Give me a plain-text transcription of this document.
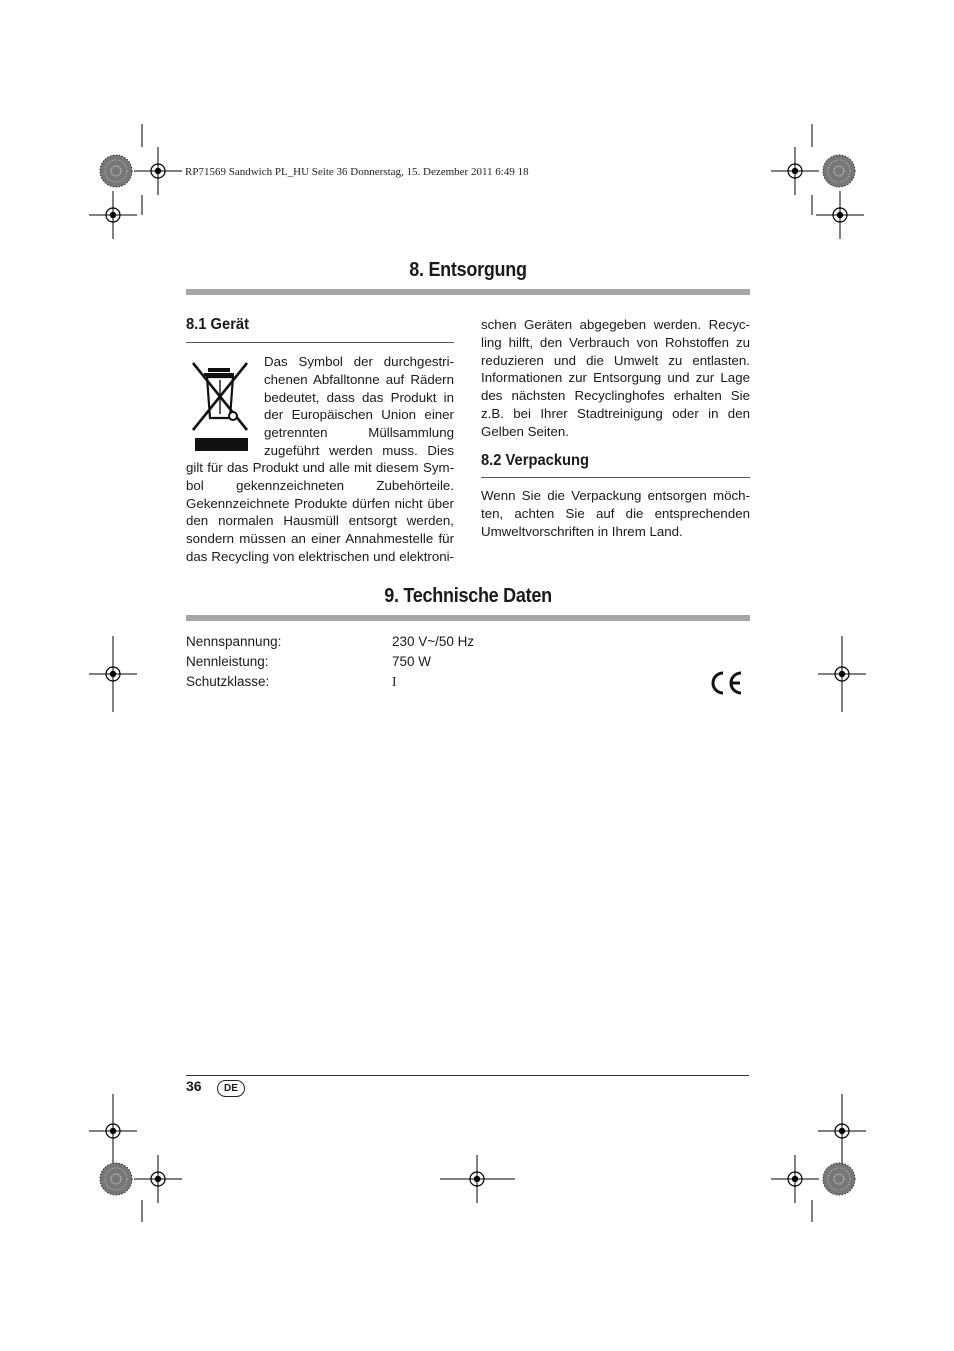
RP71569 Sandwich PL_HU Seite 36 Donnerstag, 15. Dezember 2011 6:49 18
8. Entsorgung
8.1 Gerät
Das Symbol der durchgestri-
chenen Abfalltonne auf Rädern
bedeutet, dass das Produkt in
der Europäischen Union einer
getrennten Müllsammlung
zugeführt werden muss. Dies
gilt für das Produkt und alle mit diesem Sym-
bol gekennzeichneten Zubehörteile.
Gekennzeichnete Produkte dürfen nicht über
den normalen Hausmüll entsorgt werden,
sondern müssen an einer Annahmestelle für
das Recycling von elektrischen und elektroni-
schen Geräten abgegeben werden. Recyc-
ling hilft, den Verbrauch von Rohstoffen zu
reduzieren und die Umwelt zu entlasten.
Informationen zur Entsorgung und zur Lage
des nächsten Recyclinghofes erhalten Sie
z.B. bei Ihrer Stadtreinigung oder in den
Gelben Seiten.
8.2 Verpackung
Wenn Sie die Verpackung entsorgen möch-
ten, achten Sie auf die entsprechenden
Umweltvorschriften in Ihrem Land.
9. Technische Daten
Nennspannung:	230 V~/50 Hz
Nennleistung:	750 W
Schutzklasse:	I
36	DE
